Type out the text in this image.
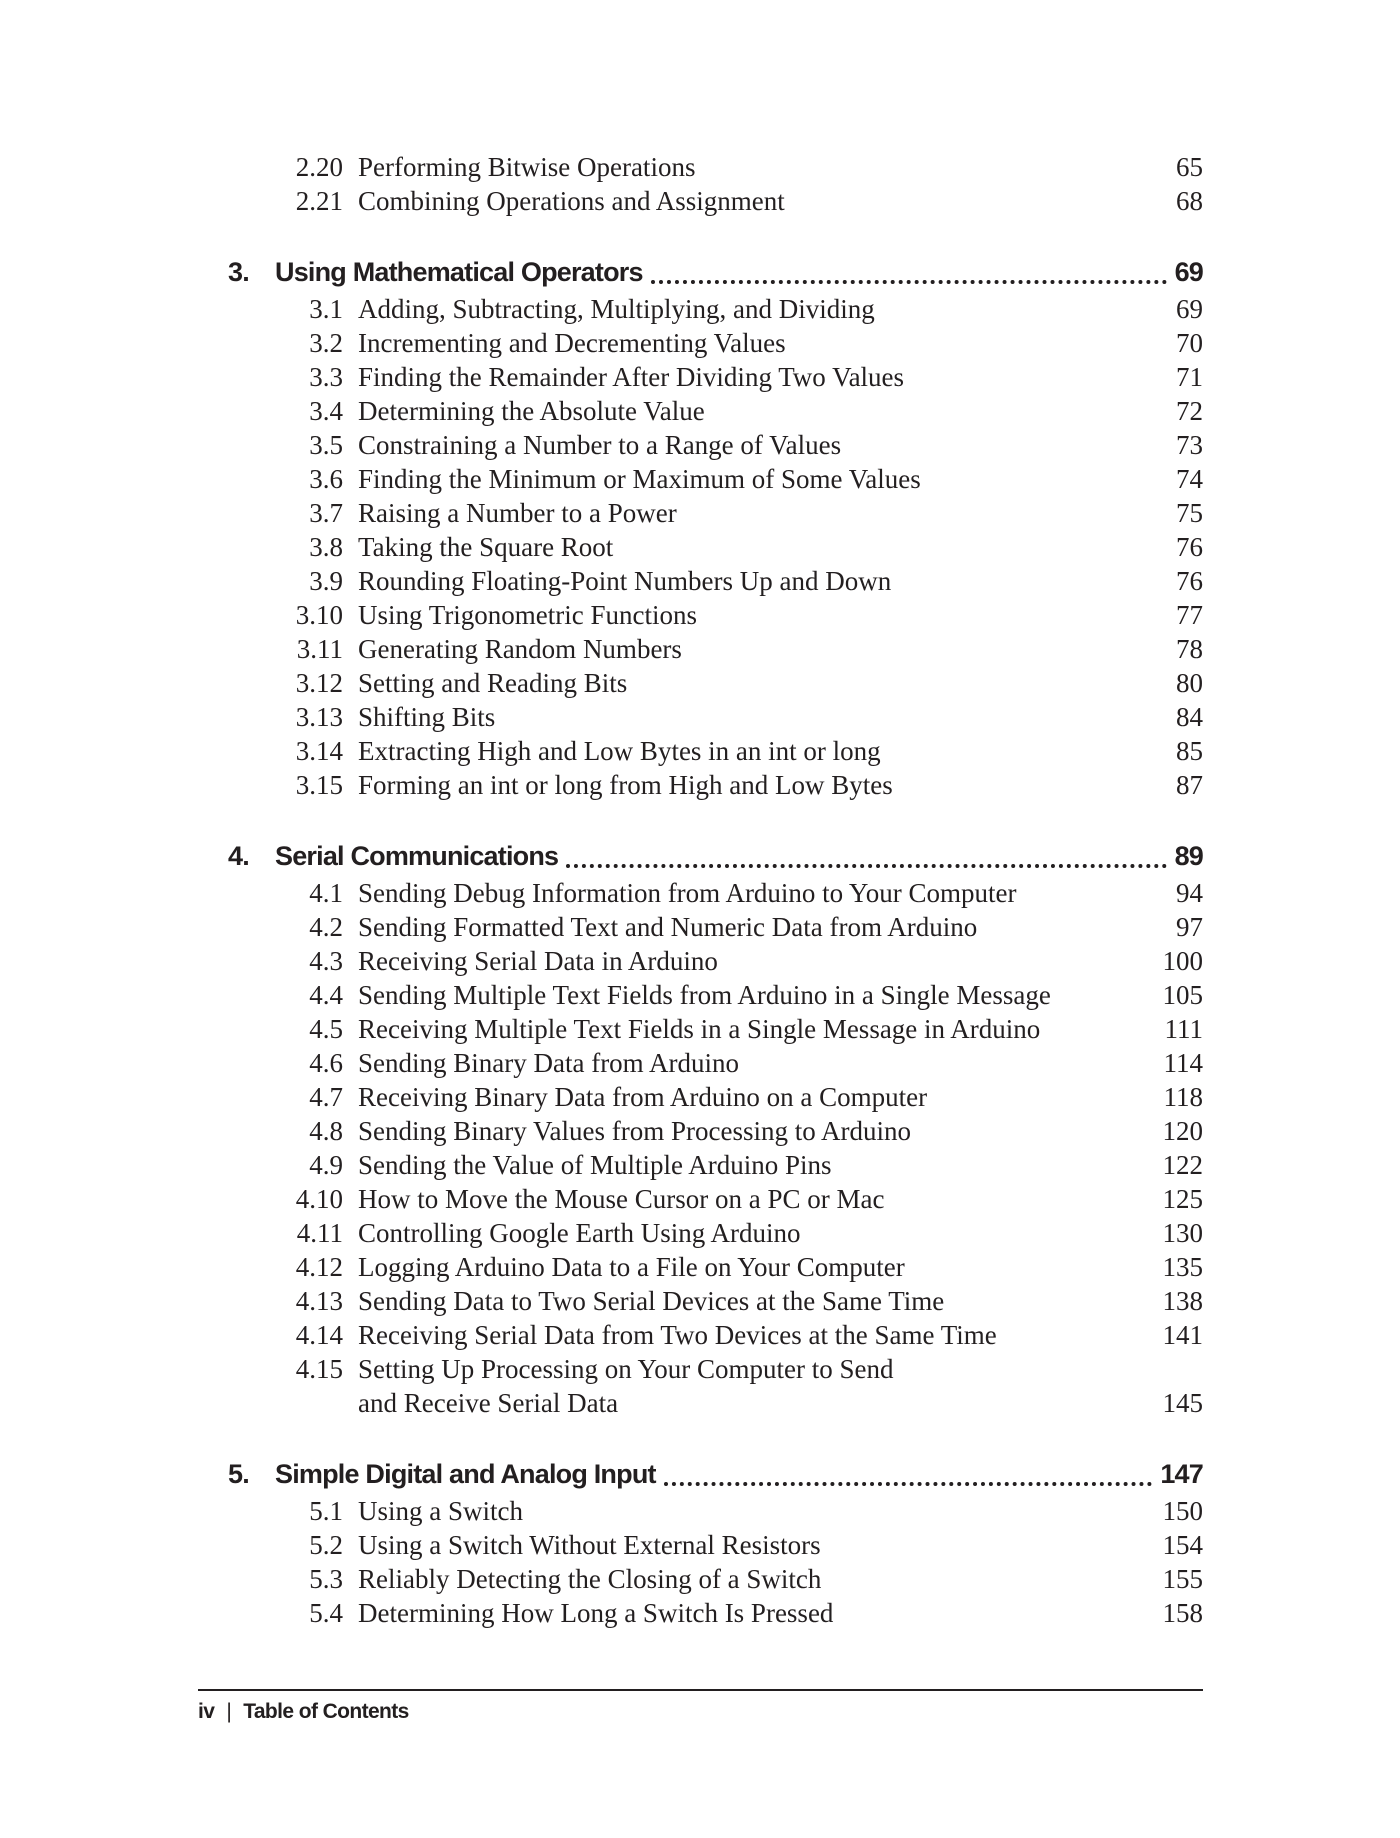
2.20 Performing Bitwise Operations	65
2.21 Combining Operations and Assignment	68
3. Using Mathematical Operators	69
3.1 Adding, Subtracting, Multiplying, and Dividing	69
3.2 Incrementing and Decrementing Values	70
3.3 Finding the Remainder After Dividing Two Values	71
3.4 Determining the Absolute Value	72
3.5 Constraining a Number to a Range of Values	73
3.6 Finding the Minimum or Maximum of Some Values	74
3.7 Raising a Number to a Power	75
3.8 Taking the Square Root	76
3.9 Rounding Floating-Point Numbers Up and Down	76
3.10 Using Trigonometric Functions	77
3.11 Generating Random Numbers	78
3.12 Setting and Reading Bits	80
3.13 Shifting Bits	84
3.14 Extracting High and Low Bytes in an int or long	85
3.15 Forming an int or long from High and Low Bytes	87
4. Serial Communications	89
4.1 Sending Debug Information from Arduino to Your Computer	94
4.2 Sending Formatted Text and Numeric Data from Arduino	97
4.3 Receiving Serial Data in Arduino	100
4.4 Sending Multiple Text Fields from Arduino in a Single Message	105
4.5 Receiving Multiple Text Fields in a Single Message in Arduino	111
4.6 Sending Binary Data from Arduino	114
4.7 Receiving Binary Data from Arduino on a Computer	118
4.8 Sending Binary Values from Processing to Arduino	120
4.9 Sending the Value of Multiple Arduino Pins	122
4.10 How to Move the Mouse Cursor on a PC or Mac	125
4.11 Controlling Google Earth Using Arduino	130
4.12 Logging Arduino Data to a File on Your Computer	135
4.13 Sending Data to Two Serial Devices at the Same Time	138
4.14 Receiving Serial Data from Two Devices at the Same Time	141
4.15 Setting Up Processing on Your Computer to Send
and Receive Serial Data	145
5. Simple Digital and Analog Input	147
5.1 Using a Switch	150
5.2 Using a Switch Without External Resistors	154
5.3 Reliably Detecting the Closing of a Switch	155
5.4 Determining How Long a Switch Is Pressed	158
iv | Table of Contents
